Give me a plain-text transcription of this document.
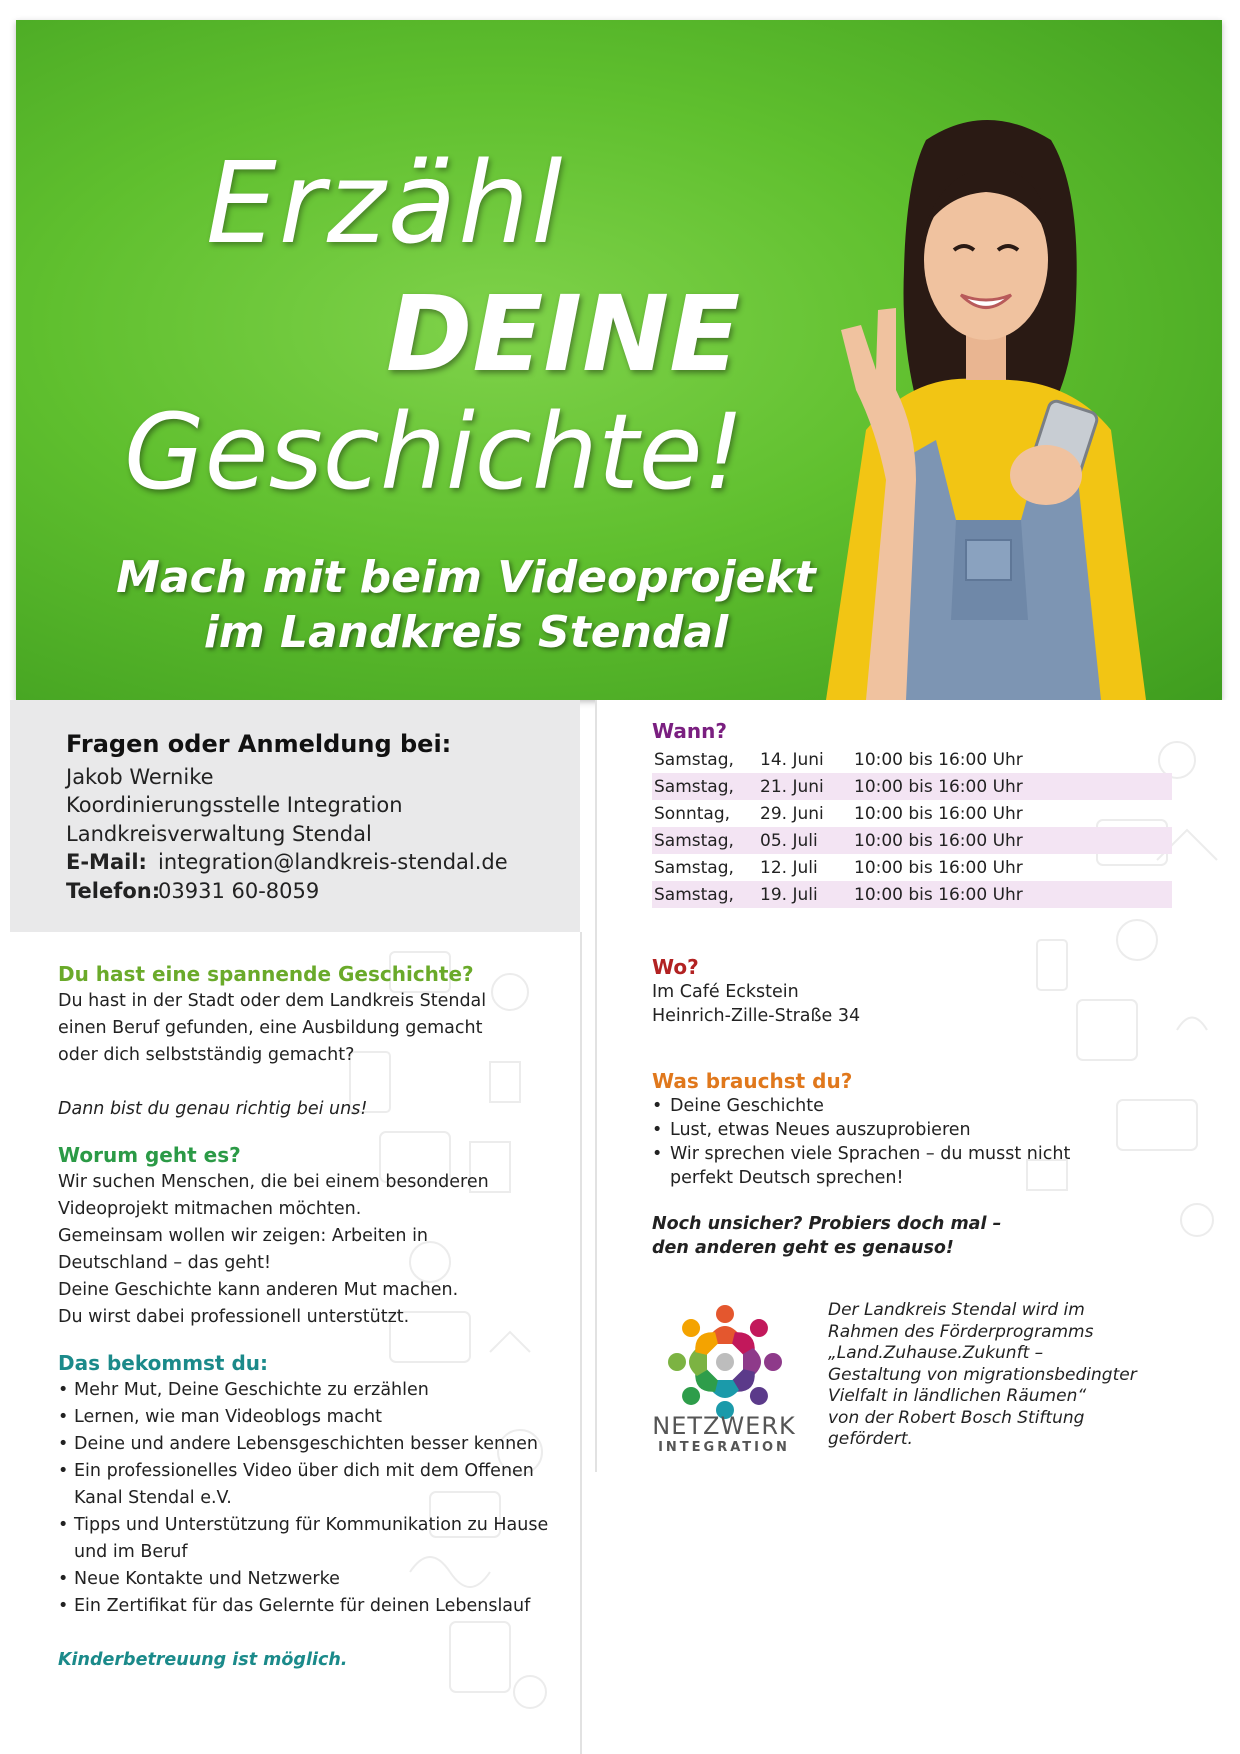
Erzähl
DEINE
Geschichte!
Mach mit beim Videoprojekt
im Landkreis Stendal
Fragen oder Anmeldung bei:
Jakob Wernike
Koordinierungsstelle Integration
Landkreisverwaltung Stendal
E-Mail: integration@landkreis-stendal.de
Telefon:03931 60-8059
Du hast eine spannende Geschichte?

Du hast in der Stadt oder dem Landkreis Stendal

einen Beruf gefunden, eine Ausbildung gemacht

oder dich selbstständig gemacht?

Dann bist du genau richtig bei uns!

Worum geht es?

Wir suchen Menschen, die bei einem besonderen

Videoprojekt mitmachen möchten.

Gemeinsam wollen wir zeigen: Arbeiten in

Deutschland – das geht!

Deine Geschichte kann anderen Mut machen.

Du wirst dabei professionell unterstützt.

Das bekommst du:
• Mehr Mut, Deine Geschichte zu erzählen
• Lernen, wie man Videoblogs macht
• Deine und andere Lebensgeschichten besser kennen
• Ein professionelles Video über dich mit dem Offenen Kanal Stendal e.V.
• Tipps und Unterstützung für Kommunikation zu Hause und im Beruf
• Neue Kontakte und Netzwerke
• Ein Zertifikat für das Gelernte für deinen Lebenslauf

Kinderbetreuung ist möglich.

Wann?
Samstag,	14. Juni	10:00 bis 16:00 Uhr
Samstag,	21. Juni	10:00 bis 16:00 Uhr
Sonntag,	29. Juni	10:00 bis 16:00 Uhr
Samstag,	05. Juli	10:00 bis 16:00 Uhr
Samstag,	12. Juli	10:00 bis 16:00 Uhr
Samstag,	19. Juli	10:00 bis 16:00 Uhr
Wo?
Im Café Eckstein
Heinrich-Zille-Straße 34
Was brauchst du?
• Deine Geschichte
• Lust, etwas Neues auszuprobieren
• Wir sprechen viele Sprachen – du musst nicht perfekt Deutsch sprechen!
Noch unsicher? Probiers doch mal –
den anderen geht es genauso!
NETZWERK
INTEGRATION
Der Landkreis Stendal wird im
Rahmen des Förderprogramms
„Land.Zuhause.Zukunft –
Gestaltung von migrationsbedingter
Vielfalt in ländlichen Räumen“
von der Robert Bosch Stiftung
gefördert.
